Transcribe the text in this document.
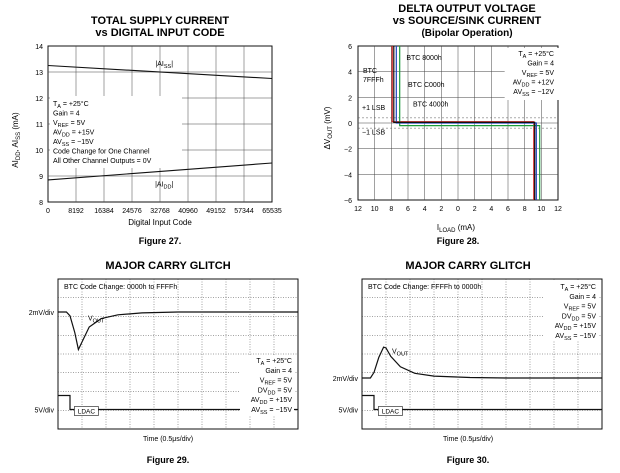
TOTAL SUPPLY CURRENT
vs DIGITAL INPUT CODE
0	8192 16384 24576 32768 40960 49152 57344 65535
8
9
10
11
12
13
14
$|AI_{SS}|$
$|AI_{DD}|$
$T_A = +25^\circ C$
Gain = 4
$V_{REF} = 5V$
$AV_{DD} = +15V$
$AV_{SS} = -15V$
Code Change for One Channel
All Other Channel Outputs = 0V
Digital Input Code
$AI_{DD}$, $AI_{SS}$ (mA)
Figure 27.
DELTA OUTPUT VOLTAGE
vs SOURCE/SINK CURRENT
(Bipolar Operation)
12 10 8 6 4 2 0 2 4 6 8 10 12
6
4
2
0
−2
−4
−6
BTC
7FFFh
BTC 8000h
BTC C000h
BTC 4000h
+1 LSB
−1 LSB
$T_A = +25^\circ C$
Gain = 4
$V_{REF} = 5V$
$AV_{DD} = +12V$
$AV_{SS} = -12V$
$I_{LOAD}$ (mA)
$\Delta V_{OUT}$ (mV)
Figure 28.
MAJOR CARRY GLITCH
2mV/div
5V/div	LDAC
$V_{OUT}$
BTC Code Change: 0000h to FFFFh
$T_A = +25^\circ C$
Gain = 4
$V_{REF} = 5V$
$DV_{DD} = 5V$
$AV_{DD} = +15V$
$AV_{SS} = -15V$
Time (0.5μs/div)
Figure 29.
MAJOR CARRY GLITCH
2mV/div
5V/div	LDAC
$V_{OUT}$
BTC Code Change: FFFFh to 0000h	$T_A = +25^\circ C$
Gain = 4
$V_{REF} = 5V$
$DV_{DD} = 5V$
$AV_{DD} = +15V$
$AV_{SS} = -15V$
Time (0.5μs/div)
Figure 30.
